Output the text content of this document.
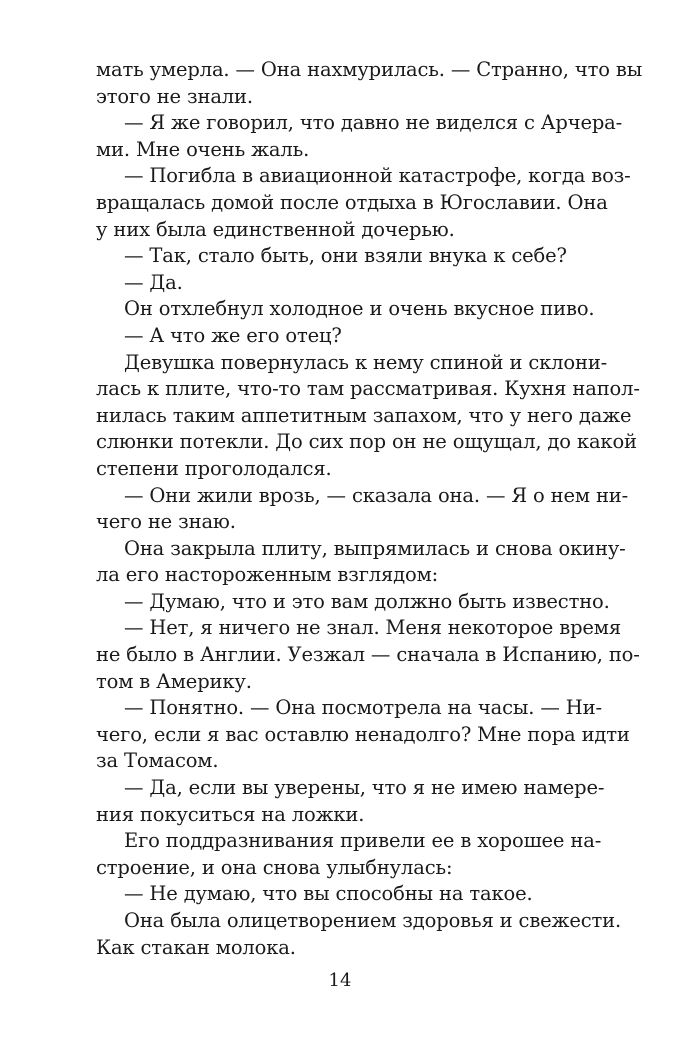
мать умерла. — Она нахмурилась. — Странно, что вы
этого не знали.
— Я же говорил, что давно не виделся с Арчера-
ми. Мне очень жаль.
— Погибла в авиационной катастрофе, когда воз-
вращалась домой после отдыха в Югославии. Она
у них была единственной дочерью.
— Так, стало быть, они взяли внука к себе?
— Да.
Он отхлебнул холодное и очень вкусное пиво.
— А что же его отец?
Девушка повернулась к нему спиной и склони-
лась к плите, что-то там рассматривая. Кухня напол-
нилась таким аппетитным запахом, что у него даже
слюнки потекли. До сих пор он не ощущал, до какой
степени проголодался.
— Они жили врозь, — сказала она. — Я о нем ни-
чего не знаю.
Она закрыла плиту, выпрямилась и снова окину-
ла его настороженным взглядом:
— Думаю, что и это вам должно быть известно.
— Нет, я ничего не знал. Меня некоторое время
не было в Англии. Уезжал — сначала в Испанию, по-
том в Америку.
— Понятно. — Она посмотрела на часы. — Ни-
чего, если я вас оставлю ненадолго? Мне пора идти
за Томасом.
— Да, если вы уверены, что я не имею намере-
ния покуситься на ложки.
Его поддразнивания привели ее в хорошее на-
строение, и она снова улыбнулась:
— Не думаю, что вы способны на такое.
Она была олицетворением здоровья и свежести.
Как стакан молока.
14
